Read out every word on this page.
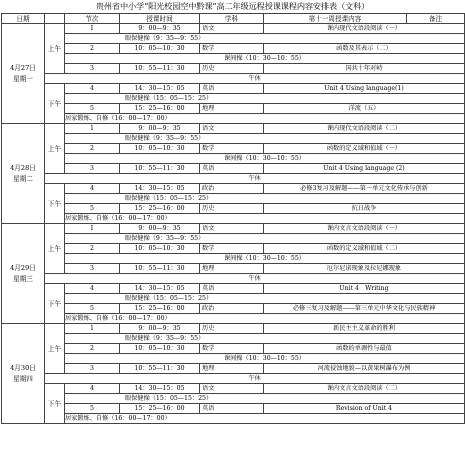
贵州省中小学“阳光校园空中黔课”高二年级远程授课课程内容安排表（文科）
日期		节次	授课时间	学科	第十一周授课内容	备注

4月27日
星期一	上午	1	9：00—9：35	语文	课内现代文语段阅读（一）	
		眼保健操（9：35—9：55）				
		2	10：05—10：30	数学	函数及其表示（二）	
		课间操（10：30—10：55）				
		3	10：55—11：30	历史	国共十年对峙	
	午休					
	下午	4	14：30—15：05	英语	Unit 4 Using language(1)	
		眼保健操（15：05—15：25）				
		5	15：25—16：00	地理	洋流（五）	
		居家锻炼、自修（16：00—17：00）				

4月28日
星期二	上午	1	9：00—9：35	语文	课内现代文语段阅读（二）	
		眼保健操（9：35—9：55）				
		2	10：05—10：30	数学	函数的定义域和值域（一）	
		课间操（10：30—10：55）				
		3	10：55—11：30	英语	Unit 4 Using language (2)	
	午休					
	下午	4	14：30—15：05	政治	必修3复习及解题——第一单元文化传承与创新	
		眼保健操（15：05—15：25）				
		5	15：25—16：00	历史	抗日战争	
		居家锻炼、自修（16：00—17：00）				

4月29日
星期三	上午	1	9：00—9：35	语文	课内文言文语段阅读（一）	
		眼保健操（9：35—9：55）				
		2	10：05—10：30	数学	函数的定义域和值域（二）	
		课间操（10：30—10：55）				
		3	10：55—11：30	地理	厄尔尼诺现象及拉尼娜现象	
	午休					
	下午	4	14：30—15：05	英语	Unit 4　Writing	
		眼保健操（15：05—15：25）				
		5	15：25—16：00	政治	必修三复习及解题——第三单元中华文化与民族精神	
		居家锻炼、自修（16：00—17：00）				

4月30日
星期四	上午	1	9：00—9：35	历史	新民主主义革命的胜利	
		眼保健操（9：35—9：55）				
		2	10：05—10：30	数学	函数的单调性与最值	
		课间操（10：30—10：55）				
		3	10：55—11：30	地理	河流侵蚀地貌—以黄果树瀑布为例	
	午休					
	下午	4	14：30—15：05	语文	课内文言文语段阅读（二）	
		眼保健操（15：05—15：25）				
		5	15：25—16：00	英语	Revision of Unit 4	
		居家锻炼、自修（16：00—17：00）				
